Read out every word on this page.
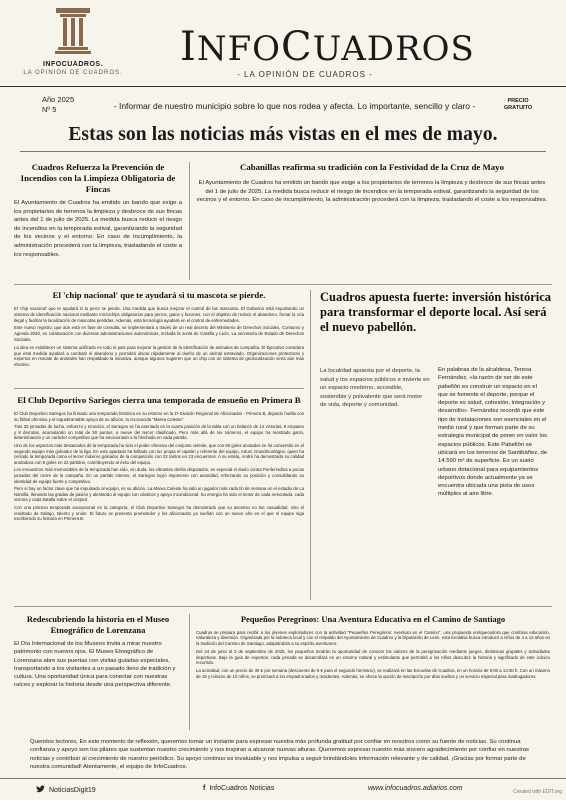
INFOCUADROS.
LA OPINIÓN DE CUADROS.
INFOCUADROS
- LA OPINIÓN DE CUADROS -
Año 2025
Nº 5	- Informar de nuestro municipio sobre lo que nos rodea y afecta. Lo importante, sencillo y claro -	PRECIO GRATUITO
Estas son las noticias más vistas en el mes de mayo.
Cuadros Refuerza la Prevención de Incendios con la Limpieza Obligatoria de Fincas

El Ayuntamiento de Cuadros ha emitido un bando que exige a los propietarios de terrenos la limpieza y desbroce de sus fincas antes del 1 de julio de 2025. La medida busca reducir el riesgo de incendios en la temporada estival, garantizando la seguridad de los vecinos y el entorno. En caso de incumplimiento, la administración procederá con la limpieza, trasladando el coste a los responsables.

Cabanillas reafirma su tradición con la Festividad de la Cruz de Mayo

El Ayuntamiento de Cuadros ha emitido un bando que exige a los propietarios de terrenos la limpieza y desbroce de sus fincas antes del 1 de julio de 2025. La medida busca reducir el riesgo de incendios en la temporada estival, garantizando la seguridad de los vecinos y el entorno. En caso de incumplimiento, la administración procederá con la limpieza, trasladando el coste a los responsables.

El 'chip nacional' que te ayudará si tu mascota se pierde.

El 'chip nacional' que te ayudará si tu perro se pierde. Una medida que busca mejorar el control de las mascotas. El Gobierno está impulsando un sistema de identificación nacional mediante microchips obligatorios para perros, gatos y hurones, con el objetivo de reducir el abandono, frenar la cría ilegal y facilitar la localización de mascotas perdidas. Además, esta tecnología ayudará en el control de enfermedades.

Este nuevo registro, que aún está en fase de consulta, se implementará a través de un real decreto del Ministerio de Derechos Sociales, Consumo y Agenda 2030, en colaboración con diversas administraciones autonómicas, incluida la Junta de Castilla y León. La secretaría de Estado de Derechos Sociales.

La idea es establecer un sistema unificado en todo el país para mejorar la gestión de la identificación de animales de compañía. El Ejecutivo considera que esta medida ayudará a combatir el abandono y permitirá ubicar rápidamente al dueño de un animal extraviado. Organizaciones protectoras y expertos en rescate de animales han respaldado la iniciativa, aunque algunos sugieren que un chip con un sistema de geolocalización sería aún más efectivo.

Cuadros apuesta fuerte: inversión histórica para transformar el deporte local. Así será el nuevo pabellón.
La localidad apuesta por el deporte, la salud y los espacios públicos e invierte en un espacio moderno, accesible, sostenible y polivalente que será motor de vida, deporte y comunidad.

En palabras de la alcaldesa, Teresa Fernández, «la razón de ser de este pabellón es construir un espacio en el que se fomente el deporte, porque el deporte es salud, cohesión, integración y desarrollo». Fernández recordó que este tipo de instalaciones son esenciales en el medio rural y que forman parte de su estrategia municipal de poner en valor los espacios públicos. Este Pabellón se ubicará en los terrenos de Santibáñez, de 14.590 m² de superficie. Es un suelo urbano dotacional para equipamientos deportivos donde actualmente ya se encuentra ubicada una pista de usos múltiples al aire libre.

El Club Deportivo Sariegos cierra una temporada de ensueño en Primera B

El Club Deportivo Sariegos ha firmado una temporada histórica en su estreno en la 1ª División Regional de Aficionados - Primera B, dejando huella con su fútbol ofensivo y el inquebrantable apoyo de su afición, la reconocida "Marea Celeste".

Tras 30 jornadas de lucha, esfuerzo y emoción, el Sariegos se ha asentado en la cuarta posición de la tabla con un balance de 14 victorias, 8 empates y 8 derrotas, acumulando un total de 50 puntos, a nueve del tercer clasificado. Pero más allá de los números, el equipo ha mostrado garra, determinación y un carácter competitivo que ha emocionado a la hinchada en cada partido.

Uno de los aspectos más destacados de la temporada ha sido el poder ofensivo del conjunto celeste, que con 60 goles anotados se ha convertido en el segundo equipo más goleador de la liga. En este apartado ha brillado con luz propia el capitán y referente del equipo, Arturo Grandmontagne, quien ha cerrado la temporada como el tercer máximo goleador de la competición con 22 tantos en 23 encuentros. A su estela, André ha demostrado su calidad anotadora con 8 goles en 22 partidos, contribuyendo al éxito del equipo.

Los encuentros más memorables de la temporada han sido, sin duda, los vibrantes derbis disputados, en especial el duelo contra Ponferradina a pocas jornadas del cierre de la campaña. En un partido intenso, el Sariegos logró imponerse con autoridad, reforzando su posición y consolidando su identidad de equipo fuerte y competitivo.

Pero si hay un factor clave que ha impulsado al equipo, es su afición. La Marea Celeste ha sido un jugador más cada fin de semana en el estadio de La Namilla, llenando las gradas de pasión y alentando al equipo con cánticos y apoyo incondicional. Su energía ha sido el motor de cada remontada, cada victoria y cada batalla sobre el césped.

Con una primera temporada excepcional en la categoría, el Club Deportivo Sariegos ha demostrado que su ascenso no fue casualidad, sino el resultado de trabajo, talento y unión. El futuro se presenta prometedor y los aficionados ya sueñan con un nuevo año en el que el equipo siga escribiendo su historia en Primera B.

Redescubriendo la historia en el Museo Etnográfico de Lorenzana

El Día Internacional de los Museos invita a mirar nuestro patrimonio con nuevos ojos. El Museo Etnográfico de Lorenzana abre sus puertas con visitas guiadas especiales, transportando a los visitantes a un pasado lleno de tradición y cultura. Una oportunidad única para conectar con nuestras raíces y explorar la historia desde una perspectiva diferente.

Pequeños Peregrinos: Una Aventura Educativa en el Camino de Santiago

Cuadros se prepara para recibir a los jóvenes exploradores con la actividad "Pequeños Peregrinos: Aventura en el Camino", una propuesta enriquecedora que combina educación, naturaleza y diversión. Organizada por la ludoteca local y con el respaldo del Ayuntamiento de Cuadros y la Diputación de León, esta iniciativa busca introducir a niños de 4 a 12 años en la tradición del Camino de Santiago, adaptándola a su espíritu aventurero.

Del 24 de junio al 3 de septiembre de 2025, los pequeños tendrán la oportunidad de conocer los valores de la peregrinación mediante juegos, dinámicas grupales y actividades deportivas. Bajo la guía de expertos, cada jornada se desarrollará en un entorno natural y estimulante que permitirá a los niños descubrir la historia y significado de este icónico recorrido.

La actividad, con un precio de 35 € por semana (descuento de 5 € para el segundo hermano), se realizará en las Escuelas de Cuadros, en un horario de 9:00 a 14:30 h. Con un máximo de 15 y mínimo de 10 niños, se priorizará a los empadronados y residentes. Además, se ofrece la opción de inscripción por días sueltos y un servicio especial para madrugadores.

Queridos lectores, En este momento de reflexión, queremos tomar un instante para expresar nuestra más profunda gratitud por confiar en nosotros como su fuente de noticias. Su continua confianza y apoyo son los pilares que sustentan nuestro crecimiento y nos inspiran a alcanzar nuevas alturas. Queremos expresar nuestro más sincero agradecimiento por confiar en nuestras noticias y contribuir al crecimiento de nuestro periódico. Su apoyo continuo es invaluable y nos impulsa a seguir brindándoles información relevante y de calidad. ¡Gracias por formar parte de nuestra comunidad! Atentamente, el equipo de InfoCuadros.
NoticiasDigit19	f InfoCuadros Noticias	www.infocuadros.adiarios.com	Created with EDIT.org
